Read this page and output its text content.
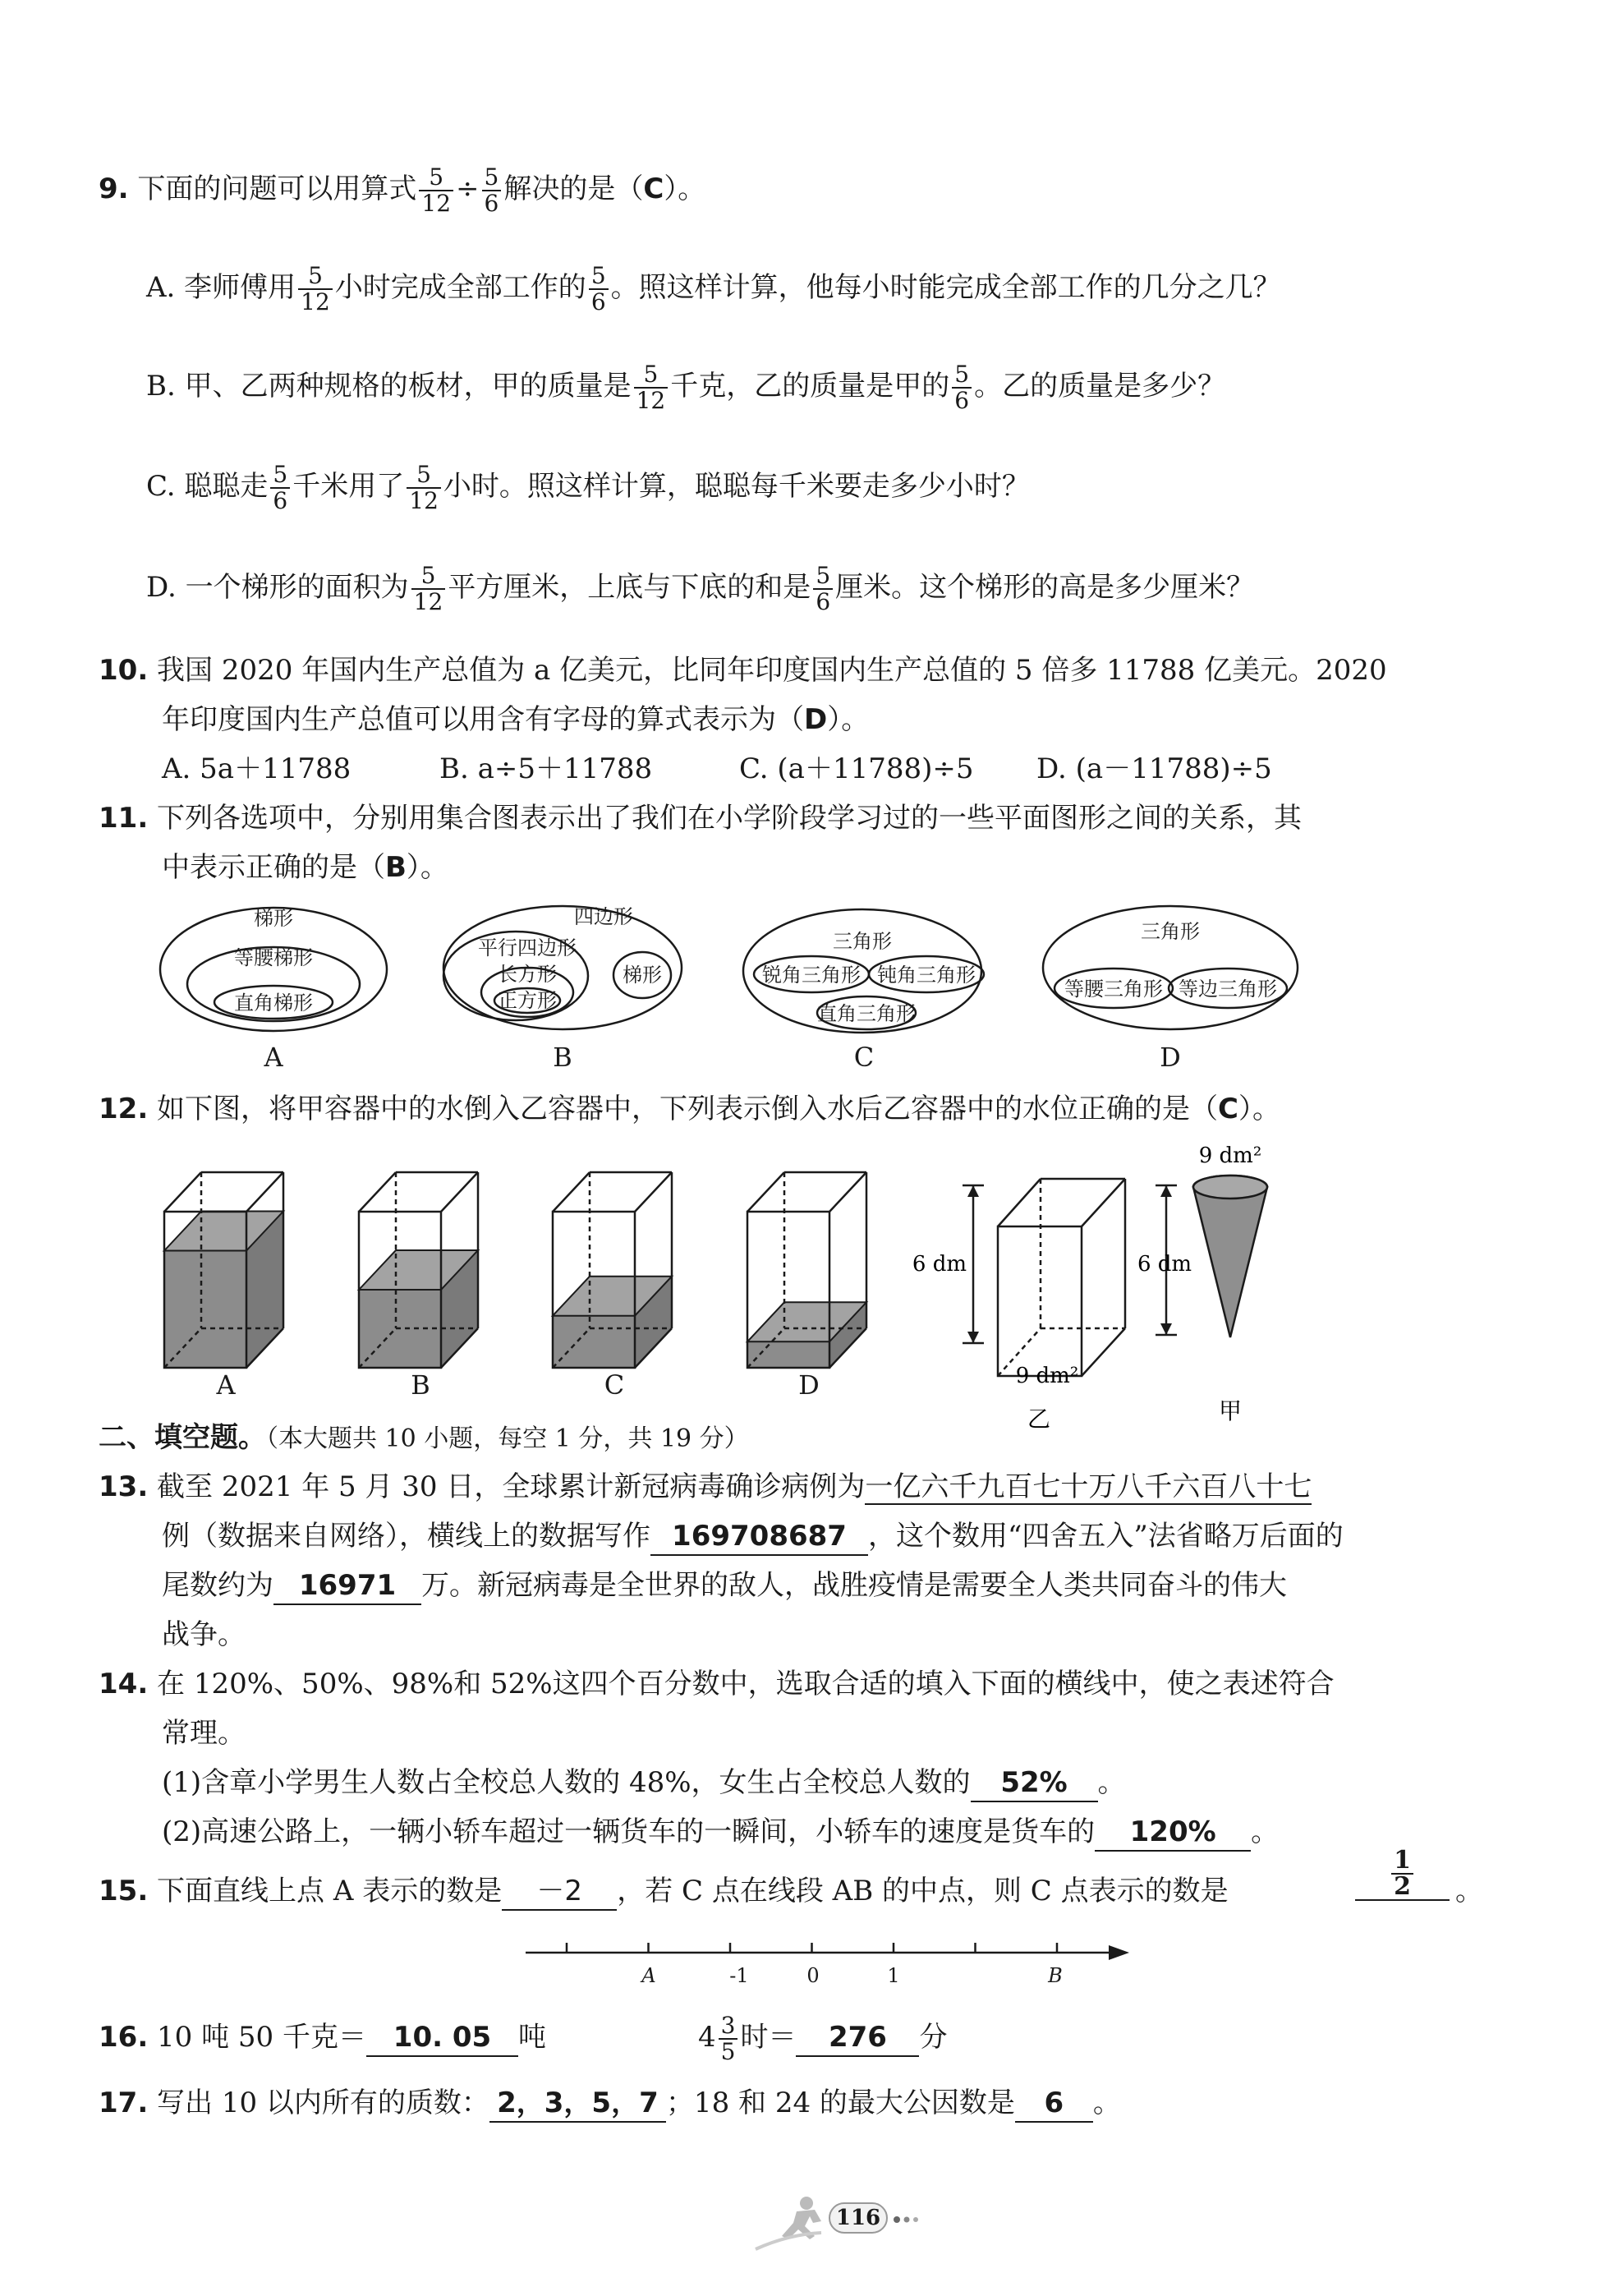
9. 下面的问题可以用算式 $\frac{5}{12} \div \frac{5}{6}$ 解决的是（C）。
A. 李师傅用 $\frac{5}{12}$ 小时完成全部工作的 $\frac{5}{6}$ 。照这样计算，他每小时能完成全部工作的几分之几？
B. 甲、乙两种规格的板材，甲的质量是 $\frac{5}{12}$ 千克，乙的质量是甲的 $\frac{5}{6}$ 。乙的质量是多少？
C. 聪聪走 $\frac{5}{6}$ 千米用了 $\frac{5}{12}$ 小时。照这样计算，聪聪每千米要走多少小时？
D. 一个梯形的面积为 $\frac{5}{12}$ 平方厘米，上底与下底的和是 $\frac{5}{6}$ 厘米。这个梯形的高是多少厘米？
10. 我国 2020 年国内生产总值为 a 亿美元，比同年印度国内生产总值的 5 倍多 11788 亿美元。2020
年印度国内生产总值可以用含有字母的算式表示为（D）。
A. 5a＋11788	B. a÷5＋11788	C. (a＋11788)÷5 D. (a－11788)÷5
11. 下列各选项中，分别用集合图表示出了我们在小学阶段学习过的一些平面图形之间的关系，其
中表示正确的是（B）。
梯形
等腰梯形
直角梯形
四边形
平行四边形
长方形
正方形
梯形
三角形
锐角三角形 钝角三角形
直角三角形
三角形
等腰三角形 等边三角形
A	B	C	D
12. 如下图，将甲容器中的水倒入乙容器中，下列表示倒入水后乙容器中的水位正确的是（C）。
A	B	C	D
6 dm
9 dm²
乙
9 dm²
6 dm
甲
二、填空题。（本大题共 10 小题，每空 1 分，共 19 分）
13. 截至 2021 年 5 月 30 日，全球累计新冠病毒确诊病例为一亿六千九百七十万八千六百八十七
例（数据来自网络），横线上的数据写作 169708687 ，这个数用“四舍五入”法省略万后面的
尾数约为 16971 万。新冠病毒是全世界的敌人，战胜疫情是需要全人类共同奋斗的伟大
战争。
14. 在 120%、50%、98%和 52%这四个百分数中，选取合适的填入下面的横线中，使之表述符合
常理。
(1)含章小学男生人数占全校总人数的 48%，女生占全校总人数的 52% 。
(2)高速公路上，一辆小轿车超过一辆货车的一瞬间，小轿车的速度是货车的 120% 。
15. 下面直线上点 A 表示的数是 －2 ，若 C 点在线段 AB 的中点，则 C 点表示的数是	$\frac{1}{2}$ 。
A	-1	0	1	B
16. 10 吨 50 千克＝ 10. 05 吨	$4 \frac{3}{5}$ 时＝ 276 分
17. 写出 10 以内所有的质数： 2，3，5，7 ；18 和 24 的最大公因数是 6 。
116
